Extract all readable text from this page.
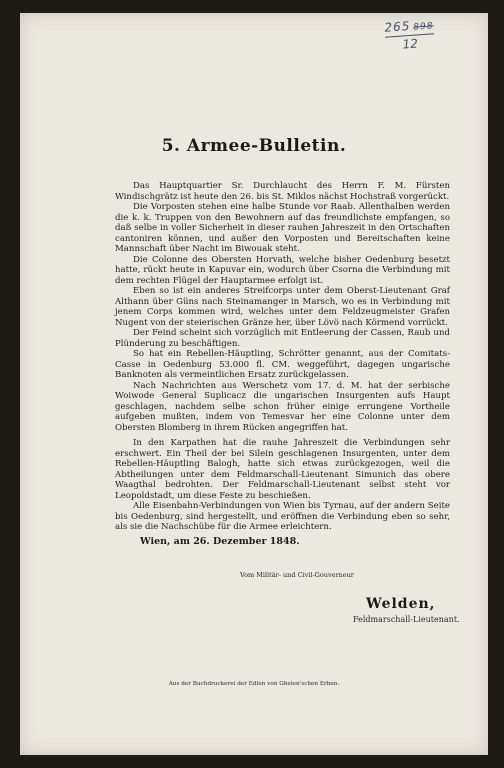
265 898
12
5. Armee-Bulletin.

Das Hauptquartier Sr. Durchlaucht des Herrn F. M. Fürsten Windischgrätz ist heute den 26. bis St. Miklos nächst Hochstraß vorgerückt.

Die Vorposten stehen eine halbe Stunde vor Raab. Allenthalben werden die k. k. Truppen von den Bewohnern auf das freundlichste empfangen, so daß selbe in voller Sicherheit in dieser rauhen Jahreszeit in den Ortschaften cantoniren können, und außer den Vorposten und Bereitschaften keine Mannschaft über Nacht im Biwouak steht.

Die Colonne des Obersten Horvath, welche bisher Oedenburg besetzt hatte, rückt heute in Kapuvar ein, wodurch über Csorna die Verbindung mit dem rechten Flügel der Hauptarmee erfolgt ist.

Eben so ist ein anderes Streifcorps unter dem Oberst-Lieutenant Graf Althann über Güns nach Steinamanger in Marsch, wo es in Verbindung mit jenem Corps kommen wird, welches unter dem Feldzeugmeister Grafen Nugent von der steierischen Gränze her, über Lövö nach Körmend vorrückt.

Der Feind scheint sich vorzüglich mit Entleerung der Cassen, Raub und Plünderung zu beschäftigen.

So hat ein Rebellen-Häuptling, Schrötter genannt, aus der Comitats-Casse in Oedenburg 53.000 fl. CM. weggeführt, dagegen ungarische Banknoten als vermeintlichen Ersatz zurückgelassen.

Nach Nachrichten aus Werschetz vom 17. d. M. hat der serbische Woiwode General Suplicacz die ungarischen Insurgenten aufs Haupt geschlagen, nachdem selbe schon früher einige errungene Vortheile aufgeben mußten, indem von Temesvar her eine Colonne unter dem Obersten Blomberg in ihrem Rücken angegriffen hat.

In den Karpathen hat die rauhe Jahreszeit die Verbindungen sehr erschwert. Ein Theil der bei Silein geschlagenen Insurgenten, unter dem Rebellen-Häuptling Balogh, hatte sich etwas zurückgezogen, weil die Abtheilungen unter dem Feldmarschall-Lieutenant Simunich das obere Waagthal bedrohten. Der Feldmarschall-Lieutenant selbst steht vor Leopoldstadt, um diese Feste zu beschießen.

Alle Eisenbahn-Verbindungen von Wien bis Tyrnau, auf der andern Seite bis Oedenburg, sind hergestellt, und eröffnen die Verbindung eben so sehr, als sie die Nachschübe für die Armee erleichtern.

Wien, am 26. Dezember 1848.
Vom Militär- und Civil-Gouverneur
Welden,
Feldmarschall-Lieutenant.
Aus der Buchdruckerei der Edlen von Ghelen'schen Erben.
